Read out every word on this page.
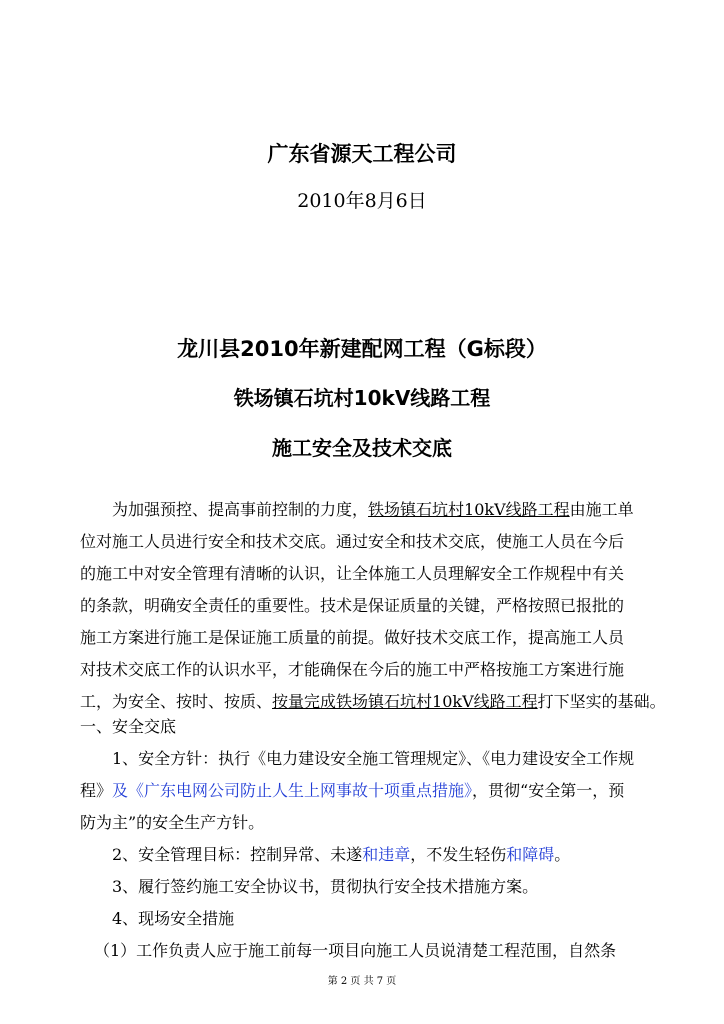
广东省源天工程公司
2010年8月6日
龙川县2010年新建配网工程（G标段）
铁场镇石坑村10kV线路工程
施工安全及技术交底
为加强预控、提高事前控制的力度，铁场镇石坑村10kV线路工程由施工单
位对施工人员进行安全和技术交底。通过安全和技术交底，使施工人员在今后
的施工中对安全管理有清晰的认识，让全体施工人员理解安全工作规程中有关
的条款，明确安全责任的重要性。技术是保证质量的关键，严格按照已报批的
施工方案进行施工是保证施工质量的前提。做好技术交底工作，提高施工人员
对技术交底工作的认识水平，才能确保在今后的施工中严格按施工方案进行施
工，为安全、按时、按质、按量完成铁场镇石坑村10kV线路工程打下坚实的基础。
一、安全交底
1、安全方针：执行《电力建设安全施工管理规定》、《电力建设安全工作规
程》及《广东电网公司防止人生上网事故十项重点措施》，贯彻“安全第一，预
防为主”的安全生产方针。
2、安全管理目标：控制异常、未遂和违章，不发生轻伤和障碍。
3、履行签约施工安全协议书，贯彻执行安全技术措施方案。
4、现场安全措施
（1）工作负责人应于施工前每一项目向施工人员说清楚工程范围，自然条
第 2 页 共 7 页
